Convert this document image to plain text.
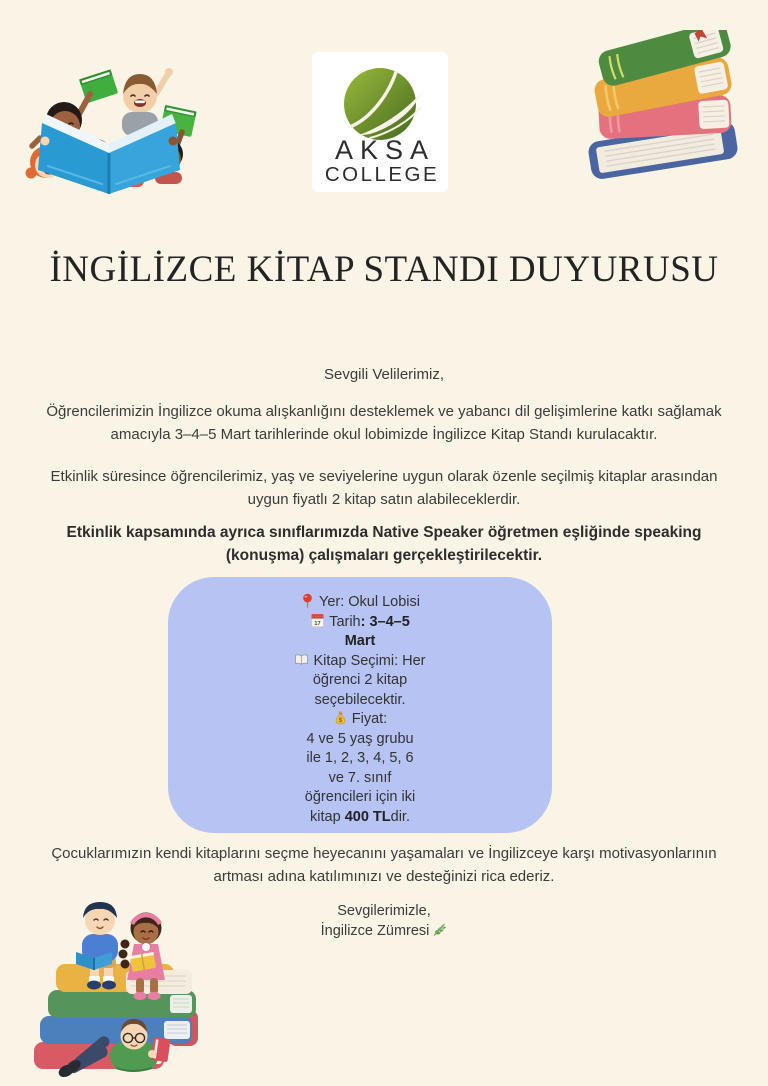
AKSA
COLLEGE
İNGİLİZCE KİTAP STANDI DUYURUSU
Sevgili Velilerimiz,
Öğrencilerimizin İngilizce okuma alışkanlığını desteklemek ve yabancı dil gelişimlerine katkı sağlamak amacıyla 3–4–5 Mart tarihlerinde okul lobimizde İngilizce Kitap Standı kurulacaktır.
Etkinlik süresince öğrencilerimiz, yaş ve seviyelerine uygun olarak özenle seçilmiş kitaplar arasından uygun fiyatlı 2 kitap satın alabileceklerdir.
Etkinlik kapsamında ayrıca sınıflarımızda Native Speaker öğretmen eşliğinde speaking (konuşma) çalışmaları gerçekleştirilecektir.
Yer: Okul Lobisi
Tarih: 3–4–5
Mart
Kitap Seçimi: Her
öğrenci 2 kitap
seçebilecektir.
Fiyat:
4 ve 5 yaş grubu
ile 1, 2, 3, 4, 5, 6
ve 7. sınıf
öğrencileri için iki
kitap 400 TLdir.
Çocuklarımızın kendi kitaplarını seçme heyecanını yaşamaları ve İngilizceye karşı motivasyonlarının artması adına katılımınızı ve desteğinizi rica ederiz.
Sevgilerimizle,
İngilizce Zümresi
